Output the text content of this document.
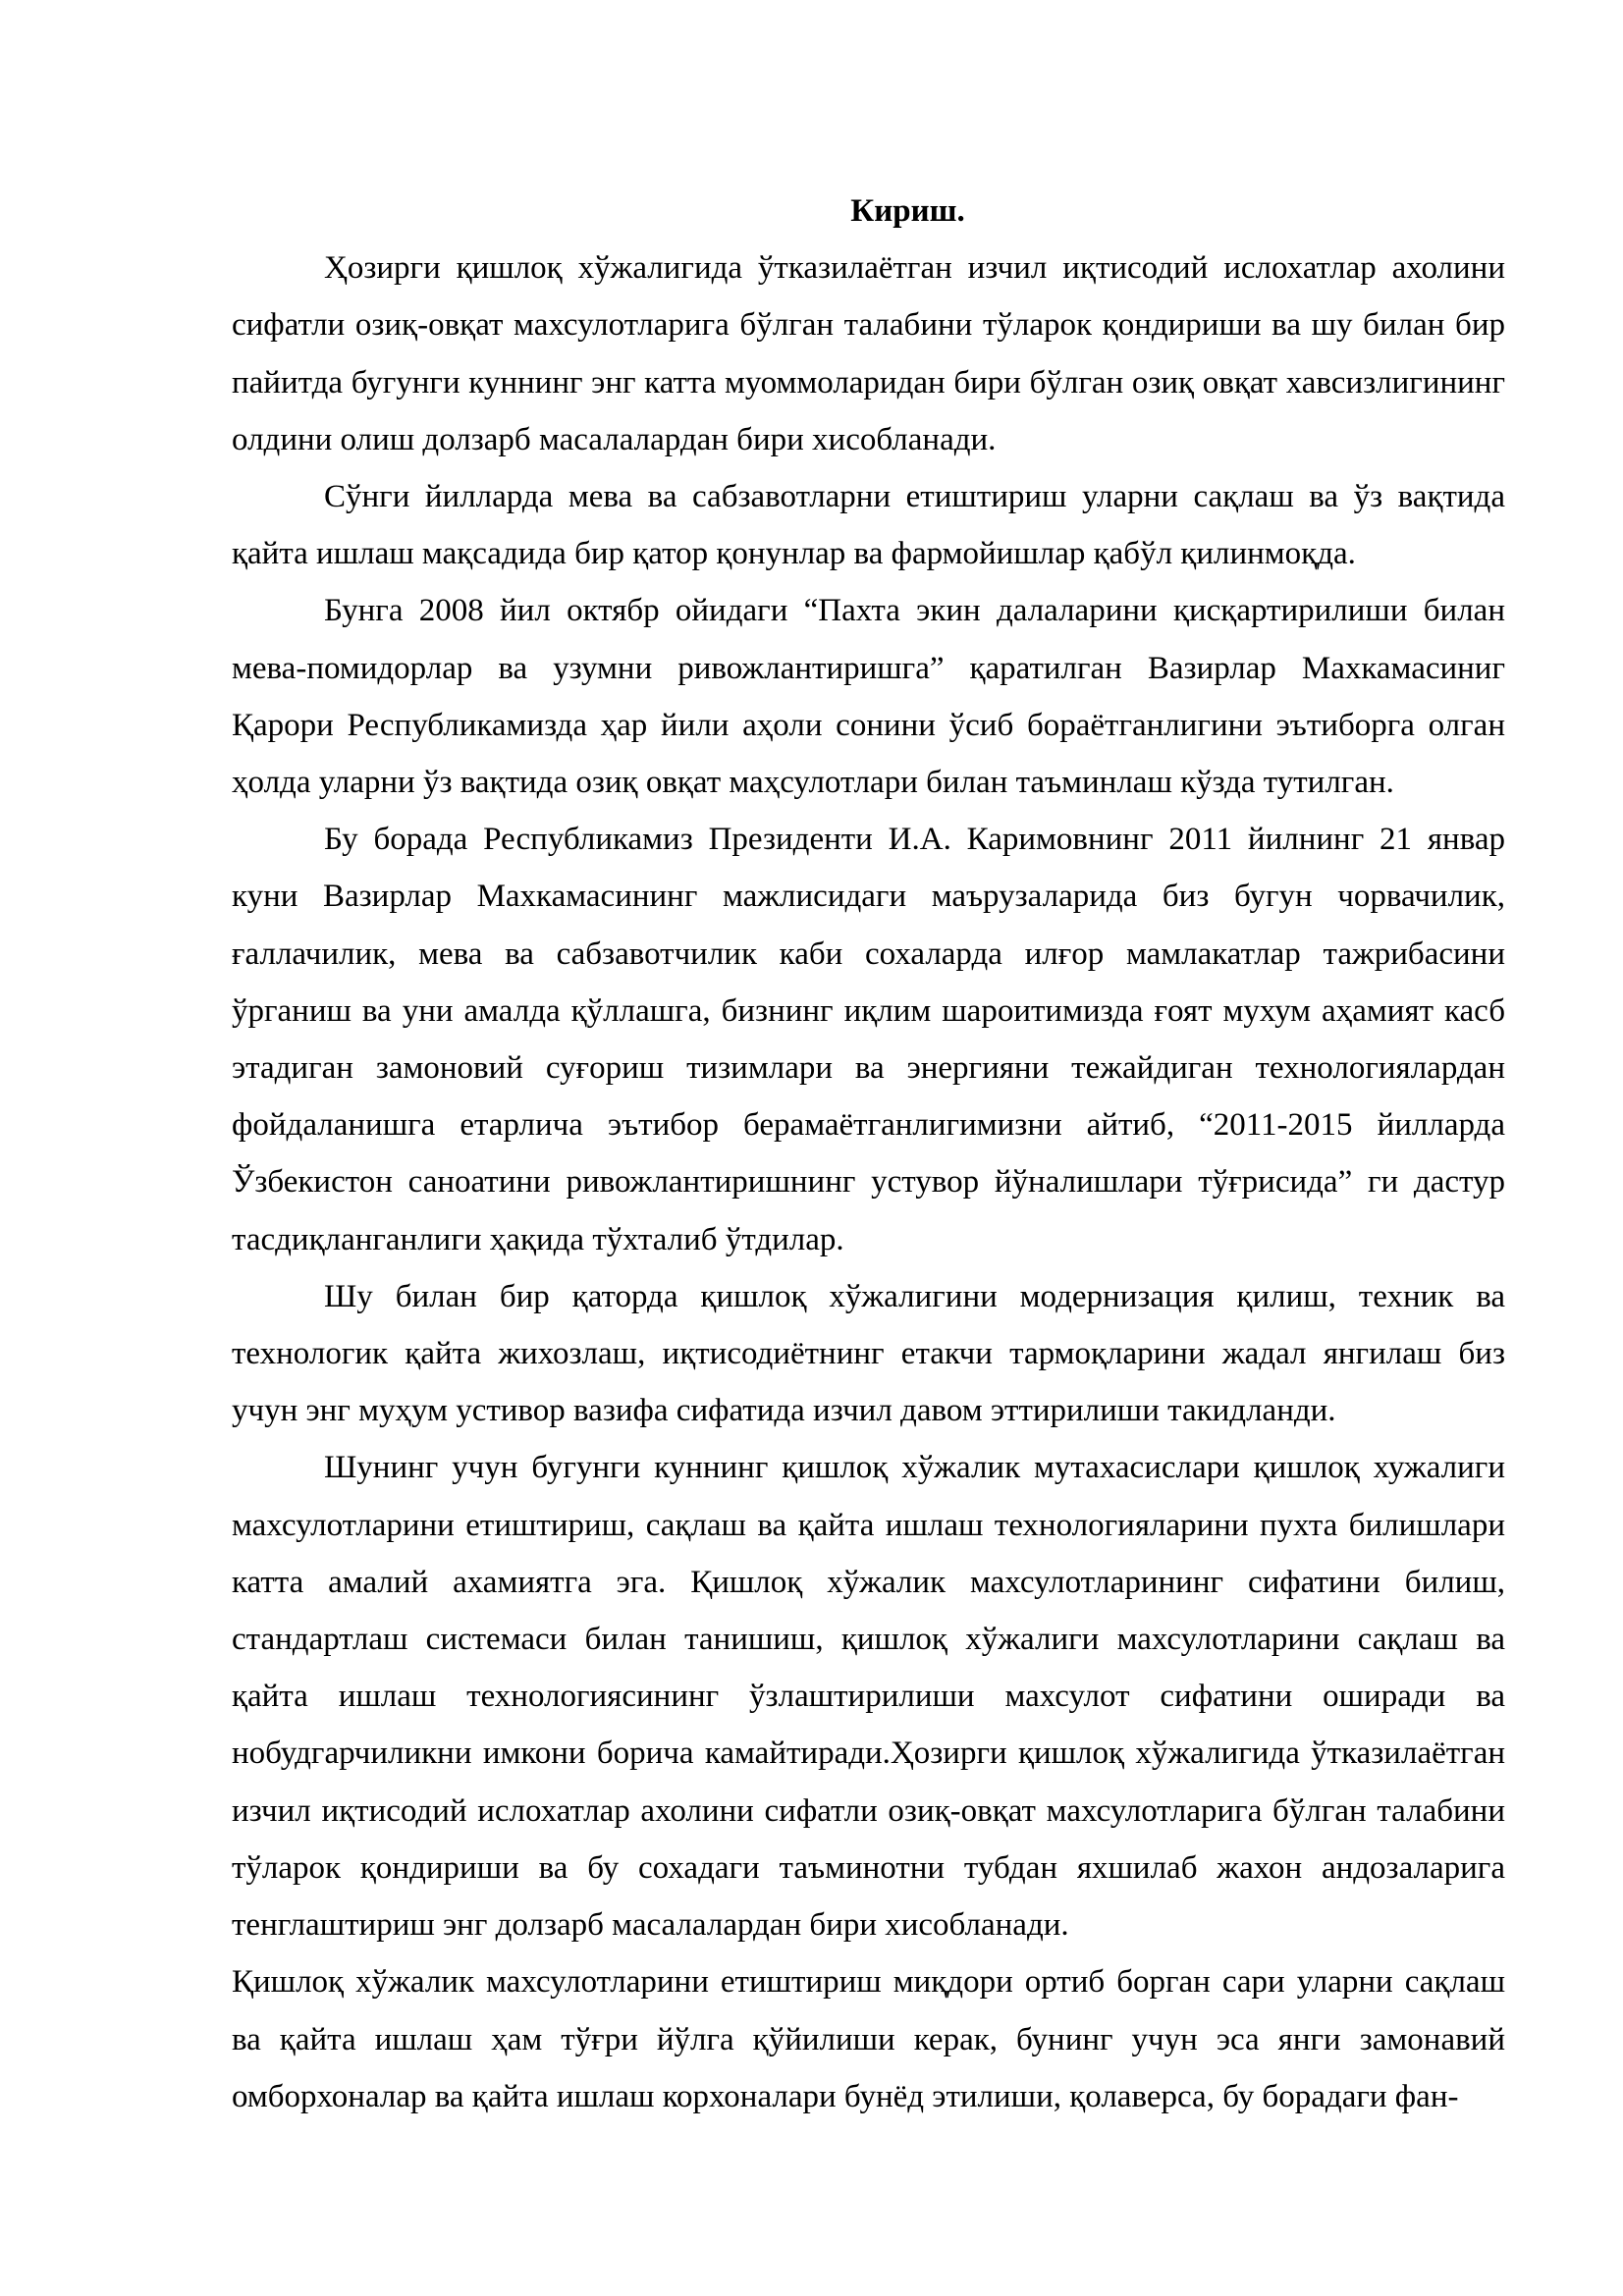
Кириш.

Ҳозирги қишлоқ хўжалигида ўтказилаётган изчил иқтисодий ислохатлар ахолини сифатли озиқ-овқат махсулотларига бўлган талабини тўларок қондириши ва шу билан бир пайитда бугунги куннинг энг катта муоммоларидан бири бўлган озиқ овқат хавсизлигининг олдини олиш долзарб масалалардан бири хисобланади.

Сўнги йилларда мева ва сабзавотларни етиштириш уларни сақлаш ва ўз вақтида қайта ишлаш мақсадида бир қатор қонунлар ва фармойишлар қабўл қилинмоқда.

Бунга 2008 йил октябр ойидаги “Пахта экин далаларини қисқартирилиши билан мева-помидорлар ва узумни ривожлантиришга” қаратилган Вазирлар Махкамасиниг Қарори Республикамизда ҳар йили аҳоли сонини ўсиб бораётганлигини эътиборга олган ҳолда уларни ўз вақтида озиқ овқат маҳсулотлари билан таъминлаш кўзда тутилган.

Бу борада Республикамиз Президенти И.А. Каримовнинг 2011 йилнинг 21 январ куни Вазирлар Махкамасининг мажлисидаги маърузаларида биз бугун чорвачилик, ғаллачилик, мева ва сабзавотчилик каби сохаларда илғор мамлакатлар тажрибасини ўрганиш ва уни амалда қўллашга, бизнинг иқлим шароитимизда ғоят мухум аҳамият касб этадиган замоновий суғориш тизимлари ва энергияни тежайдиган технологиялардан фойдаланишга етарлича эътибор берамаётганлигимизни айтиб, “2011-2015 йилларда Ўзбекистон саноатини ривожлантиришнинг устувор йўналишлари тўғрисида” ги дастур тасдиқланганлиги ҳақида тўхталиб ўтдилар.

Шу билан бир қаторда қишлоқ хўжалигини модернизация қилиш, техник ва технологик қайта жихозлаш, иқтисодиётнинг етакчи тармоқларини жадал янгилаш биз учун энг муҳум устивор вазифа сифатида изчил давом эттирилиши такидланди.

Шунинг учун бугунги куннинг қишлоқ хўжалик мутахасислари қишлоқ хужалиги махсулотларини етиштириш, сақлаш ва қайта ишлаш технологияларини пухта билишлари катта амалий ахамиятга эга. Қишлоқ хўжалик махсулотларининг сифатини билиш, стандартлаш системаси билан танишиш, қишлоқ хўжалиги махсулотларини сақлаш ва қайта ишлаш технологиясининг ўзлаштирилиши махсулот сифатини оширади ва нобудгарчиликни имкони борича камайтиради.Ҳозирги қишлоқ хўжалигида ўтказилаётган изчил иқтисодий ислохатлар ахолини сифатли озиқ-овқат махсулотларига бўлган талабини тўларок қондириши ва бу сохадаги таъминотни тубдан яхшилаб жахон андозаларига тенглаштириш энг долзарб масалалардан бири хисобланади.

Қишлоқ хўжалик махсулотларини етиштириш миқдори ортиб борган сари уларни сақлаш ва қайта ишлаш ҳам тўғри йўлга қўйилиши керак, бунинг учун эса янги замонавий омборхоналар ва қайта ишлаш корхоналари бунёд этилиши, қолаверса, бу борадаги фан-
